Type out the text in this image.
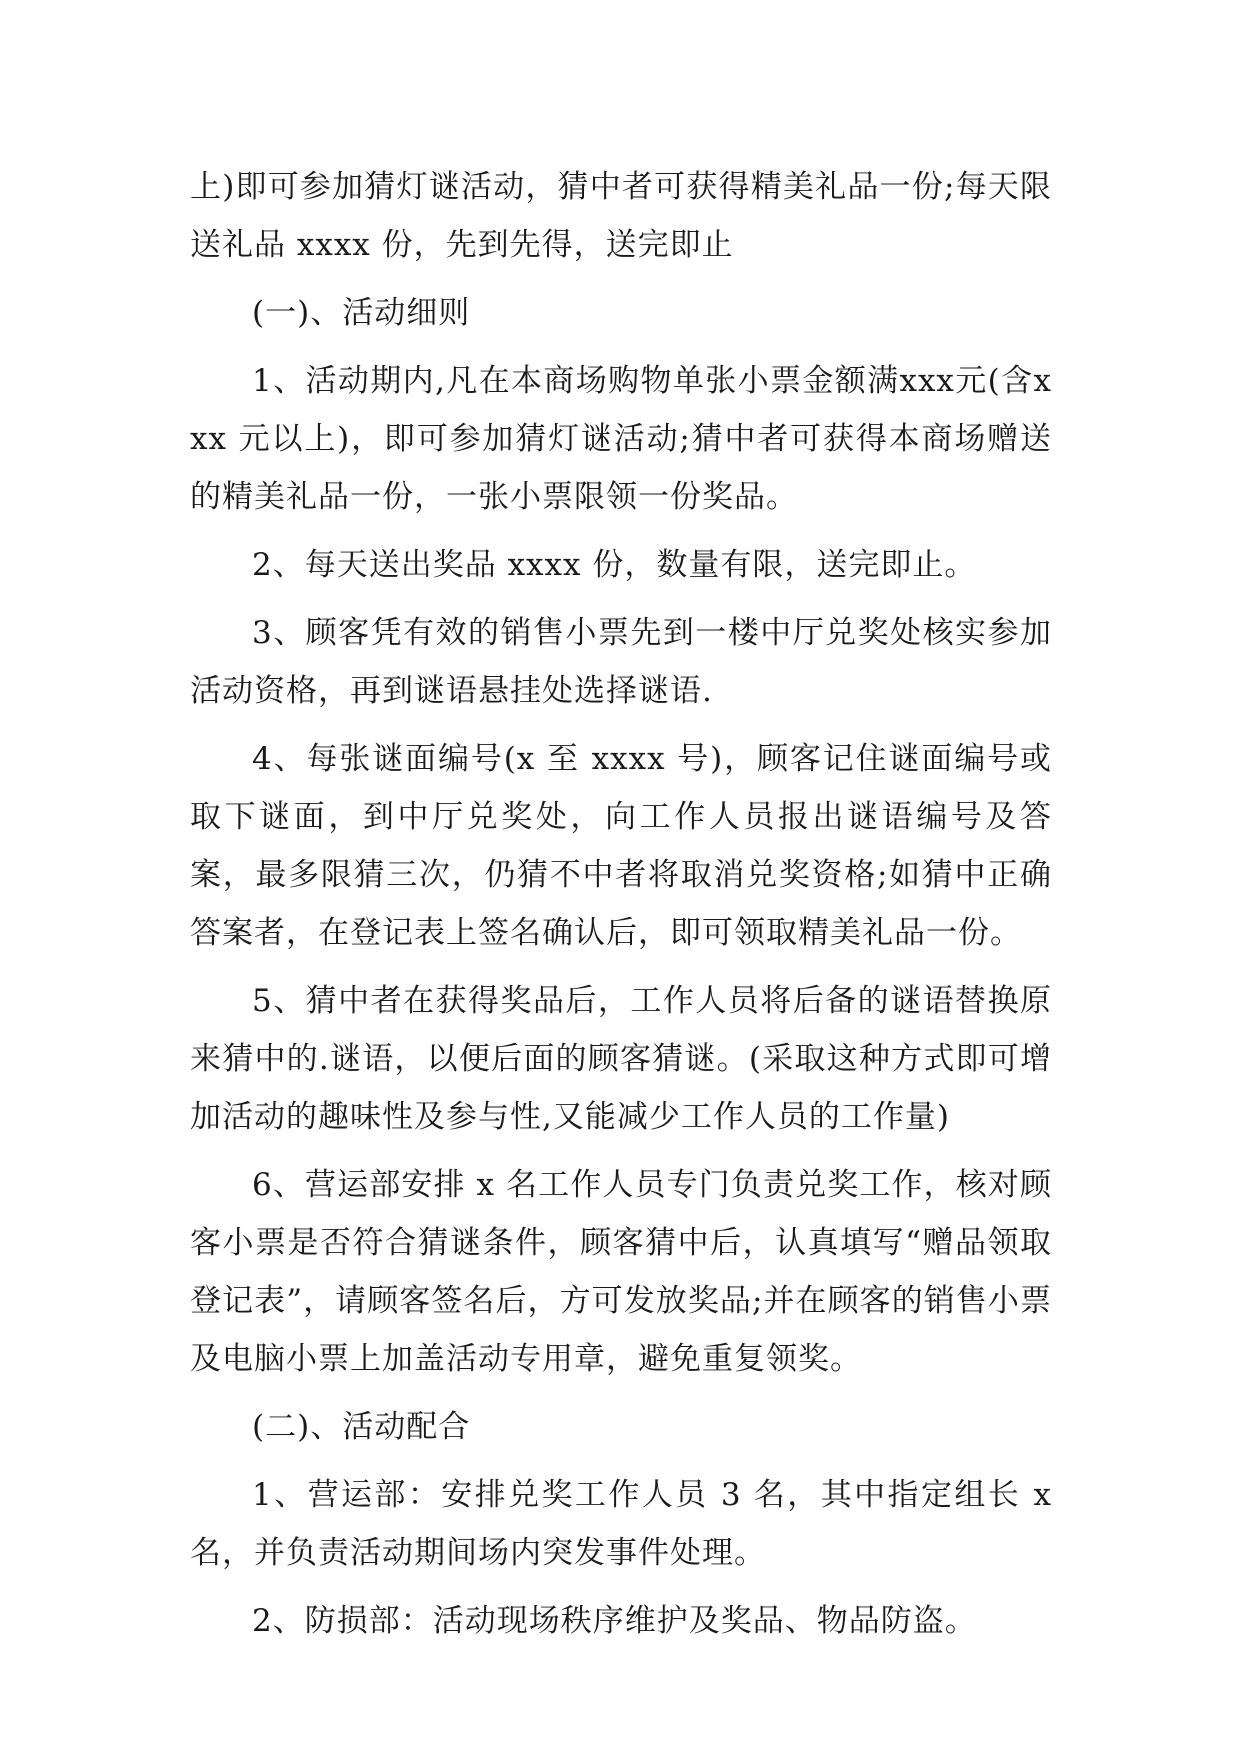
上)即可参加猜灯谜活动，猜中者可获得精美礼品一份;每天限送礼品 xxxx 份，先到先得，送完即止

(一)、活动细则

1、活动期内,凡在本商场购物单张小票金额满xxx元(含xxx 元以上)，即可参加猜灯谜活动;猜中者可获得本商场赠送的精美礼品一份，一张小票限领一份奖品。

2、每天送出奖品 xxxx 份，数量有限，送完即止。

3、顾客凭有效的销售小票先到一楼中厅兑奖处核实参加活动资格，再到谜语悬挂处选择谜语.

4、每张谜面编号(x 至 xxxx 号)，顾客记住谜面编号或取下谜面，到中厅兑奖处，向工作人员报出谜语编号及答案，最多限猜三次，仍猜不中者将取消兑奖资格;如猜中正确答案者，在登记表上签名确认后，即可领取精美礼品一份。

5、猜中者在获得奖品后，工作人员将后备的谜语替换原来猜中的.谜语，以便后面的顾客猜谜。(采取这种方式即可增加活动的趣味性及参与性,又能减少工作人员的工作量)

6、营运部安排 x 名工作人员专门负责兑奖工作，核对顾客小票是否符合猜谜条件，顾客猜中后，认真填写“赠品领取登记表”，请顾客签名后，方可发放奖品;并在顾客的销售小票及电脑小票上加盖活动专用章，避免重复领奖。

(二)、活动配合

1、营运部：安排兑奖工作人员 3 名，其中指定组长 x 名，并负责活动期间场内突发事件处理。

2、防损部：活动现场秩序维护及奖品、物品防盗。
